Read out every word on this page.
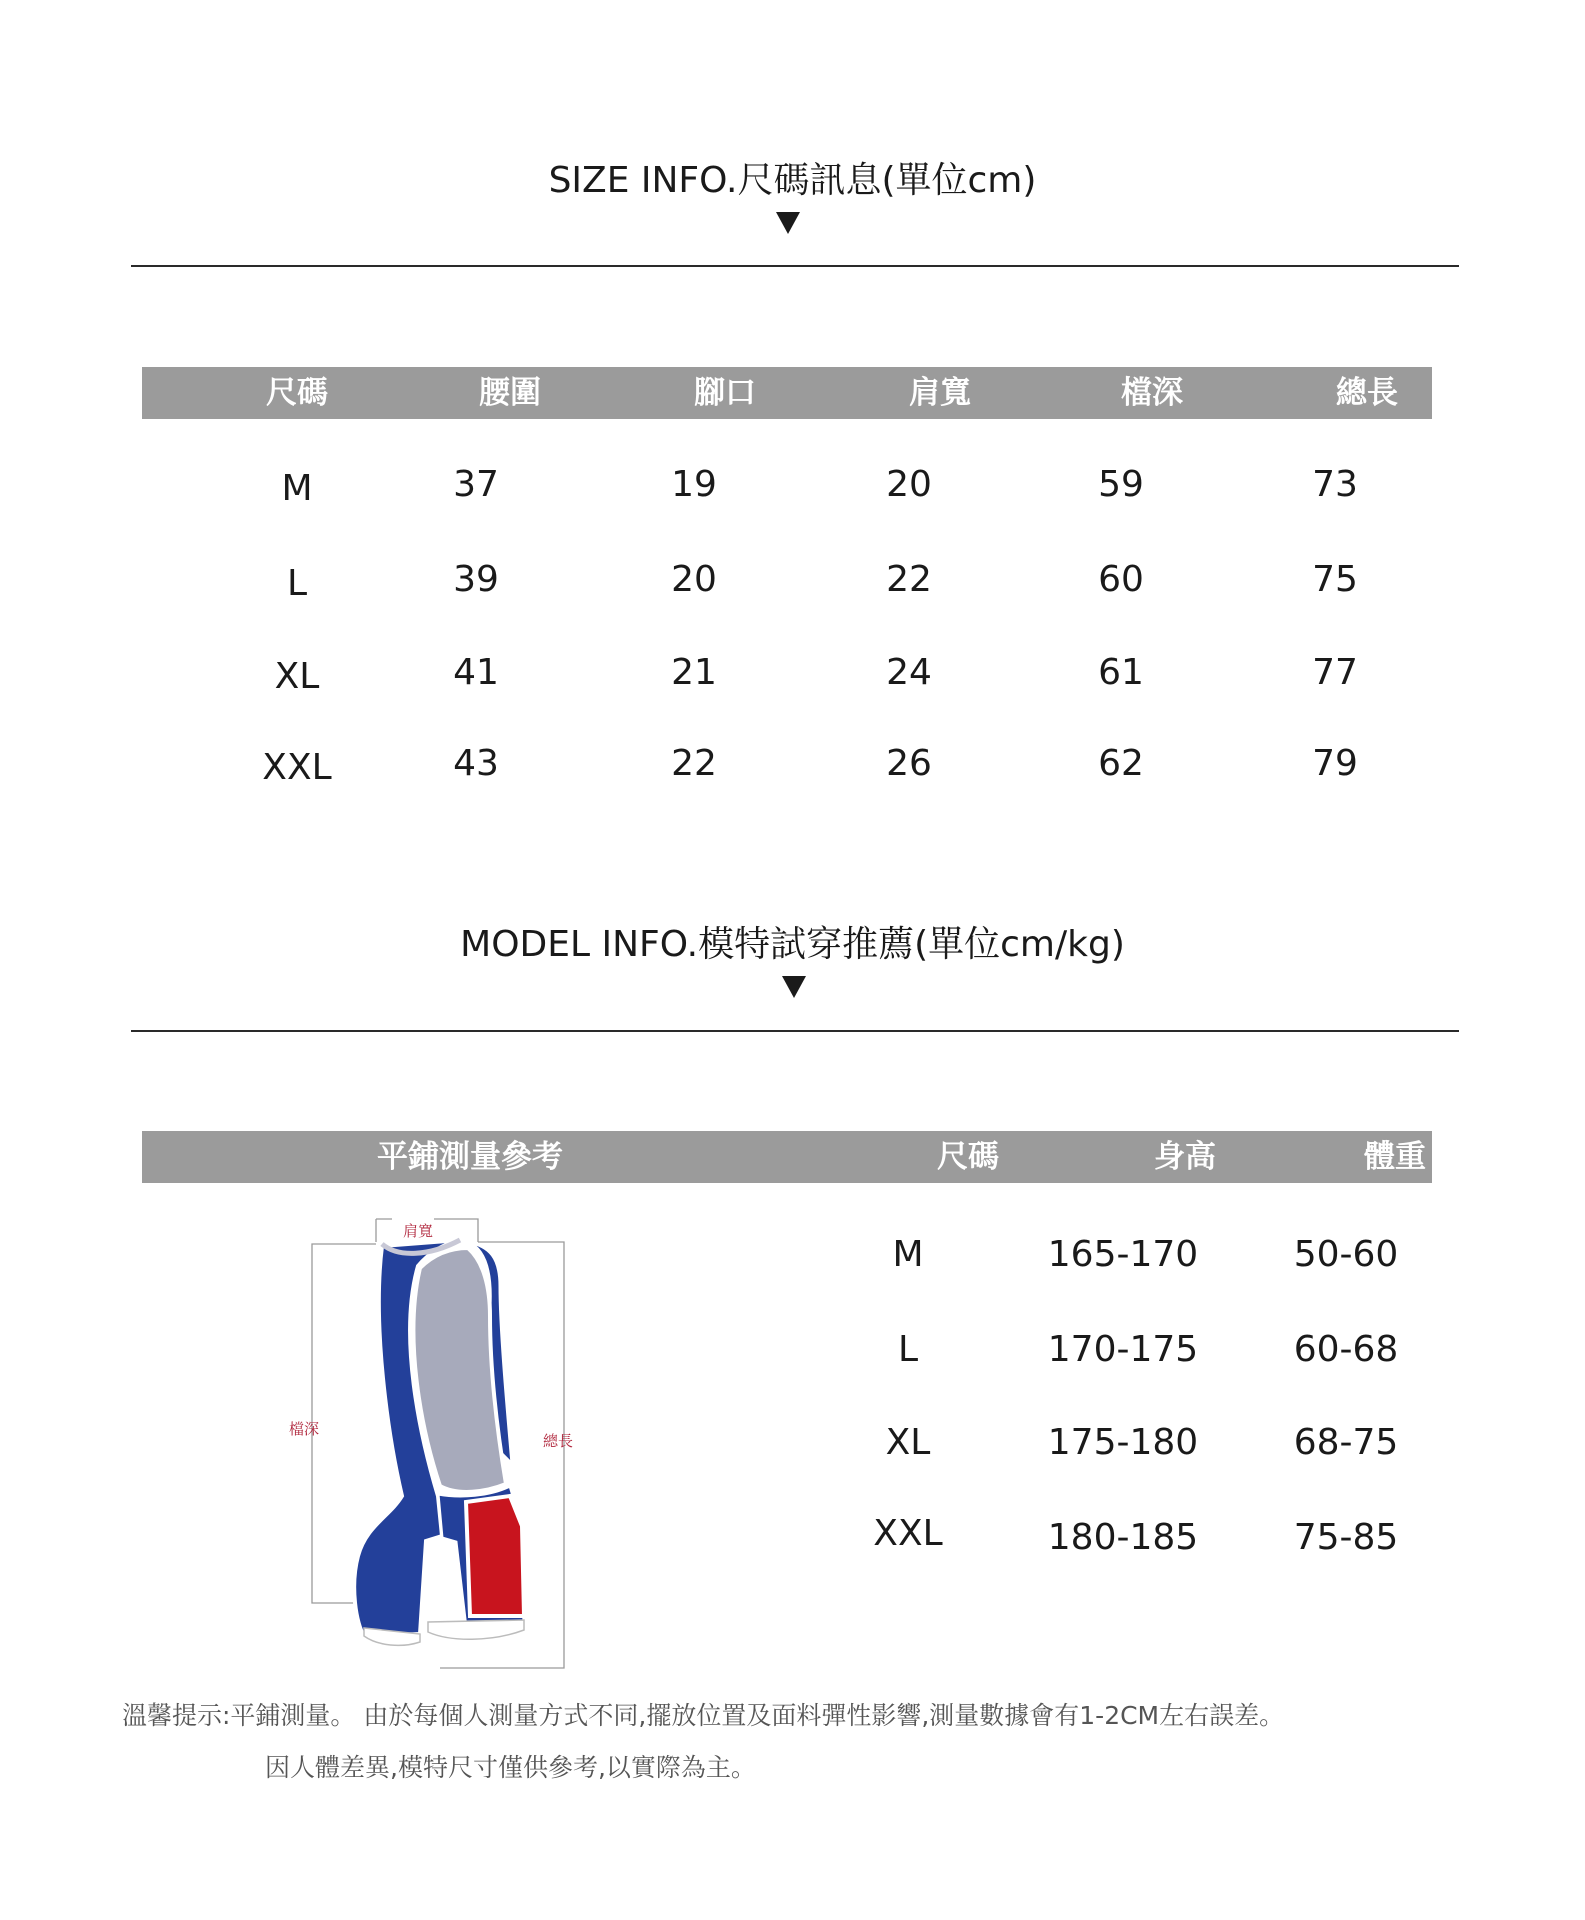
SIZE INFO.尺碼訊息(單位cm)
尺碼	腰圍	腳口	肩寬	檔深	總長
M	37	19	20	59	73
L	39	20	22	60	75
XL	41	21	24	61	77
XXL	43	22	26	62	79
MODEL INFO.模特試穿推薦(單位cm/kg)
平鋪測量參考	尺碼	身高	體重
肩寬
檔深
總長
M	165-170	50-60
L	170-175	60-68
XL	175-180	68-75
XXL	180-185	75-85
溫馨提示:平鋪測量。 由於每個人測量方式不同,擺放位置及面料彈性影響,測量數據會有1-2CM左右誤差。
因人體差異,模特尺寸僅供參考,以實際為主。
